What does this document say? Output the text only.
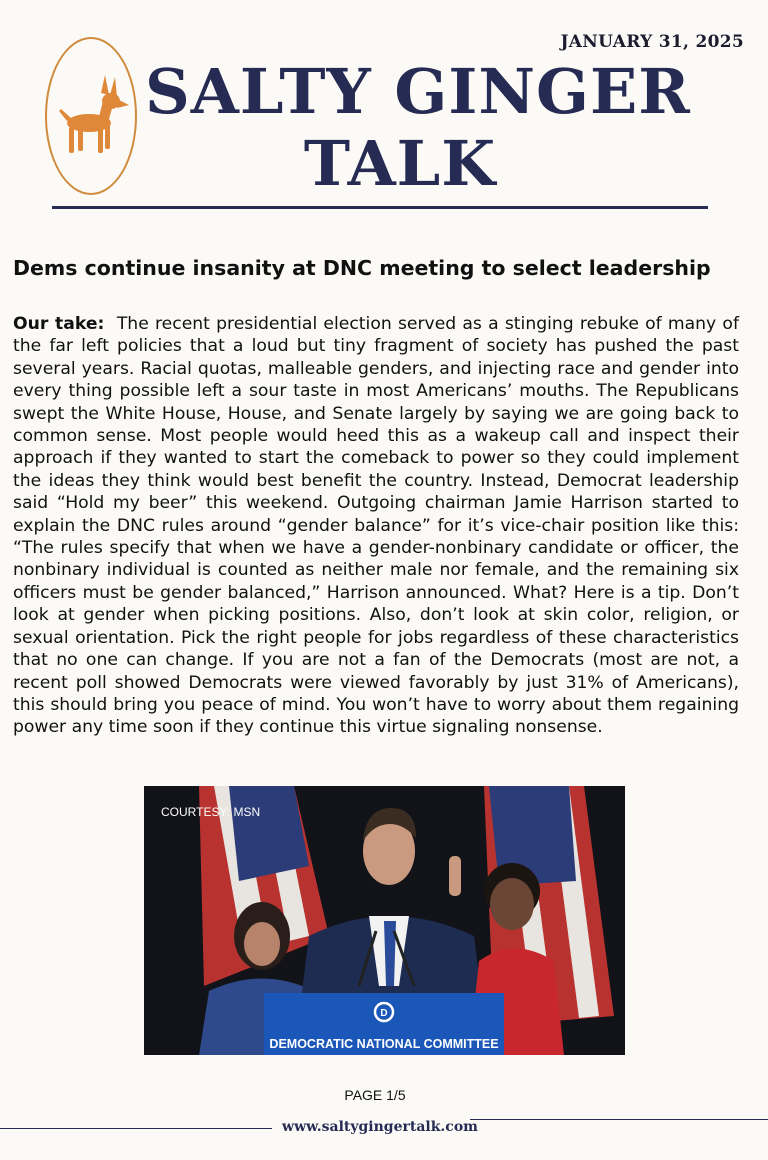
JANUARY 31, 2025
SALTY GINGER
TALK
Dems continue insanity at DNC meeting to select leadership
Our take: The recent presidential election served as a stinging rebuke of many of the far left policies that a loud but tiny fragment of society has pushed the past several years. Racial quotas, malleable genders, and injecting race and gender into every thing possible left a sour taste in most Americans’ mouths. The Republicans swept the White House, House, and Senate largely by saying we are going back to common sense. Most people would heed this as a wakeup call and inspect their approach if they wanted to start the comeback to power so they could implement the ideas they think would best benefit the country. Instead, Democrat leadership said “Hold my beer” this weekend. Outgoing chairman Jamie Harrison started to explain the DNC rules around “gender balance” for it’s vice-chair position like this: “The rules specify that when we have a gender-nonbinary candidate or officer, the nonbinary individual is counted as neither male nor female, and the remaining six officers must be gender balanced,” Harrison announced. What? Here is a tip. Don’t look at gender when picking positions. Also, don’t look at skin color, religion, or sexual orientation. Pick the right people for jobs regardless of these characteristics that no one can change. If you are not a fan of the Democrats (most are not, a recent poll showed Democrats were viewed favorably by just 31% of Americans), this should bring you peace of mind. You won’t have to worry about them regaining power any time soon if they continue this virtue signaling nonsense.
D
DEMOCRATIC NATIONAL COMMITTEE
COURTESY: MSN
PAGE 1/5
www.saltygingertalk.com
